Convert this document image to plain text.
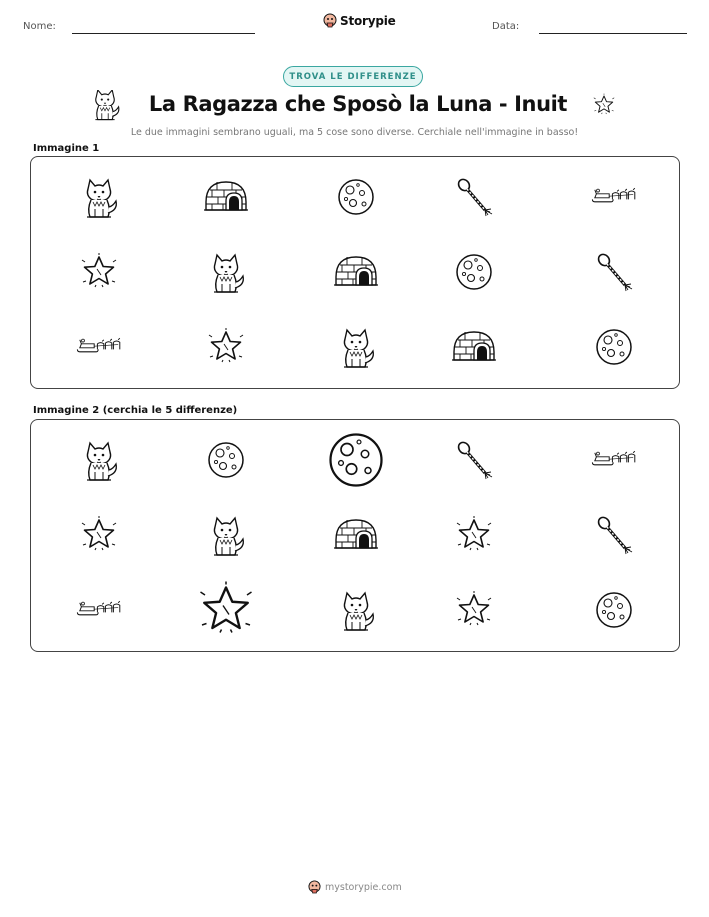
Nome:	Data:
Storypie
TROVA LE DIFFERENZE
La Ragazza che Sposò la Luna - Inuit
Le due immagini sembrano uguali, ma 5 cose sono diverse. Cerchiale nell'immagine in basso!
Immagine 1
Immagine 2 (cerchia le 5 differenze)
mystorypie.com
